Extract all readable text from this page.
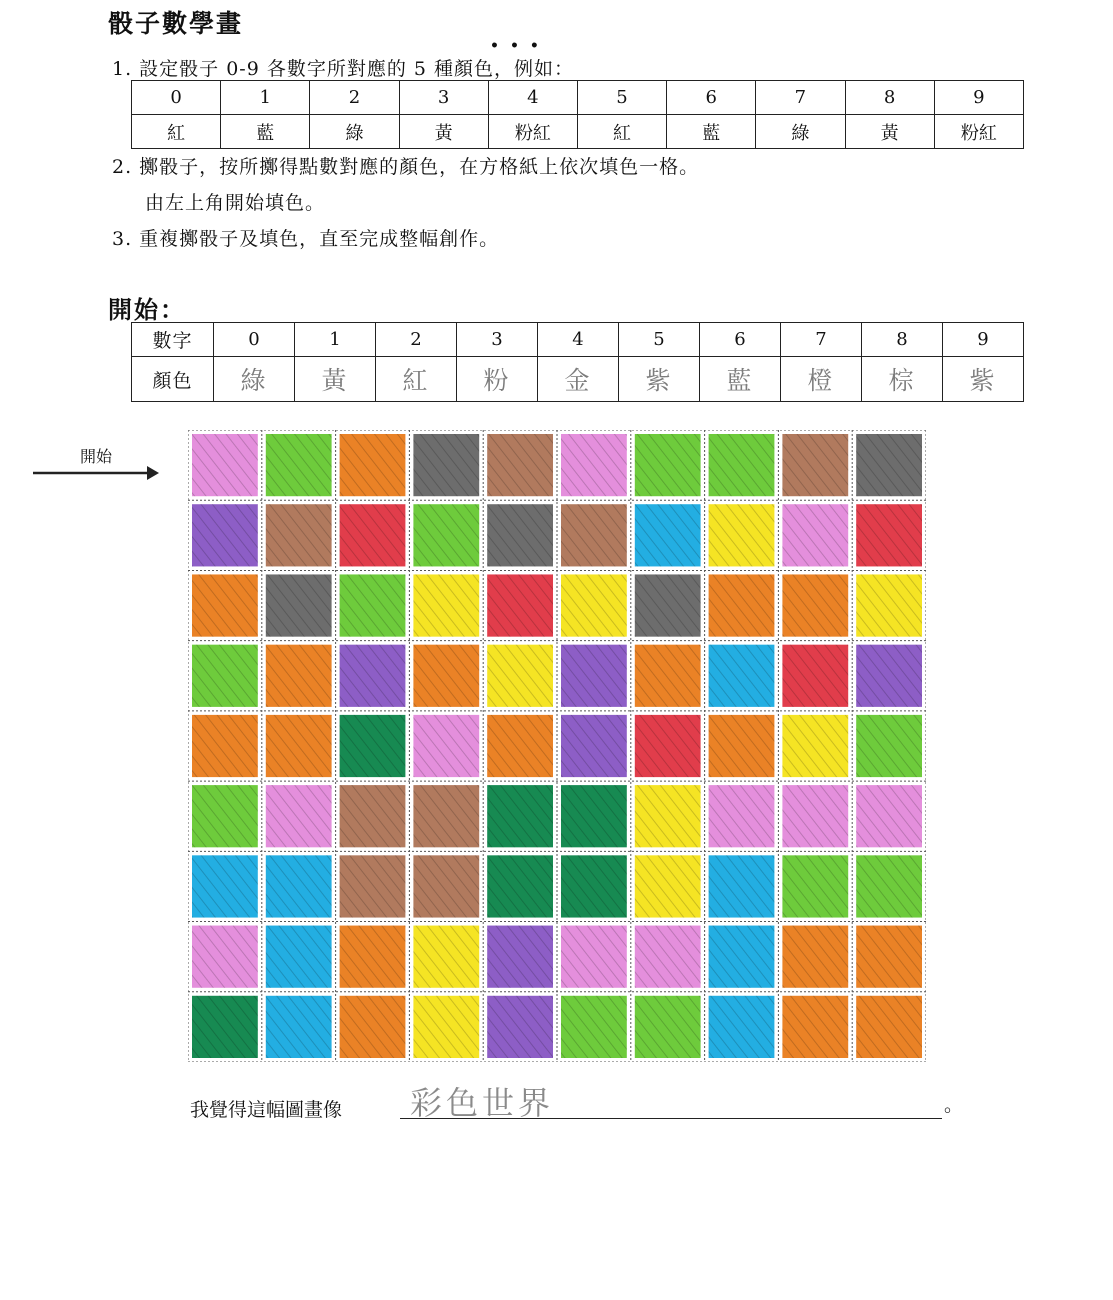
骰子數學畫
•••
1. 設定骰子 0-9 各數字所對應的 5 種顏色，例如：
0	1	2	3	4	5	6	7	8	9
紅	藍	綠	黃	粉紅	紅	藍	綠	黃	粉紅
2. 擲骰子，按所擲得點數對應的顏色，在方格紙上依次填色一格。
由左上角開始填色。
3. 重複擲骰子及填色，直至完成整幅創作。
開始：
數字	0	1	2	3	4	5	6	7	8	9
顏色	綠	黃	紅	粉	金	紫	藍	橙	棕	紫
開始
我覺得這幅圖畫像 彩色世界	。
